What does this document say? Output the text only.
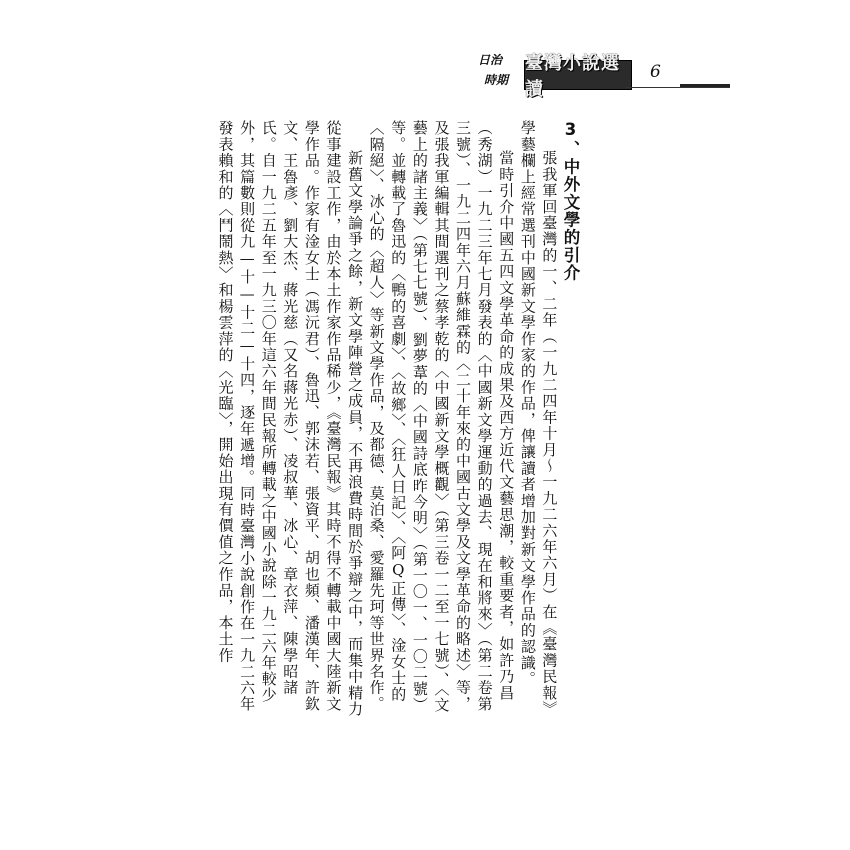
日治
時期
臺灣小說選讀
6

3、中外文學的引介

張我軍回臺灣的一、二年（一九二四年十月～一九二六年六月）在《臺灣民報》學藝欄上經常選刊中國新文學作家的作品，俾讓讀者增加對新文學作品的認識。

當時引介中國五四文學革命的成果及西方近代文藝思潮，較重要者，如許乃昌（秀湖）一九二三年七月發表的〈中國新文學運動的過去、現在和將來〉（第二卷第三號）、一九二四年六月蘇維霖的〈二十年來的中國古文學及文學革命的略述〉等，及張我軍編輯其間選刊之蔡孝乾的〈中國新文學概觀〉（第三卷一二至一七號）、〈文藝上的諸主義〉（第七七號）、劉夢葦的〈中國詩底昨今明〉（第一〇一、一〇二號）等。並轉載了魯迅的〈鴨的喜劇〉、〈故鄉〉、〈狂人日記〉、〈阿Q正傳〉、淦女士的〈隔絕〉、冰心的〈超人〉等新文學作品，及都德、莫泊桑、愛羅先珂等世界名作。

新舊文學論爭之餘，新文學陣營之成員，不再浪費時間於爭辯之中，而集中精力從事建設工作，由於本土作家作品稀少，《臺灣民報》其時不得不轉載中國大陸新文學作品。作家有淦女士（馮沅君）、魯迅、郭沫若、張資平、胡也頻、潘漢年、許欽文、王魯彥、劉大杰、蔣光慈（又名蔣光赤）、凌叔華、冰心、章衣萍、陳學昭諸氏。自一九二五年至一九三〇年這六年間民報所轉載之中國小說除一九二六年較少外，其篇數則從九—十—十二—十四，逐年遞增。同時臺灣小說創作在一九二六年發表賴和的〈鬥鬧熱〉和楊雲萍的〈光臨〉，開始出現有價值之作品，本土作
